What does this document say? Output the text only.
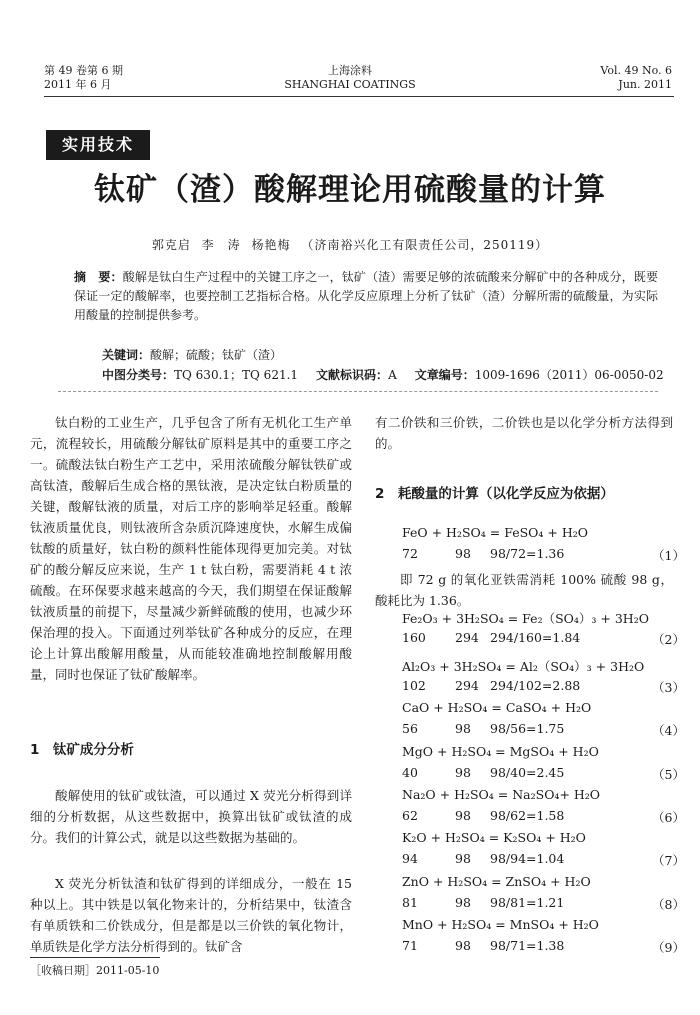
第 49 卷第 6 期
2011 年 6 月
上海涂料
SHANGHAI COATINGS
Vol. 49 No. 6
Jun. 2011
实用技术
钛矿（渣）酸解理论用硫酸量的计算
郭克启 李　涛 杨艳梅 （济南裕兴化工有限责任公司，250119）
摘　要：酸解是钛白生产过程中的关键工序之一，钛矿（渣）需要足够的浓硫酸来分解矿中的各种成分，既要保证一定的酸解率，也要控制工艺指标合格。从化学反应原理上分析了钛矿（渣）分解所需的硫酸量，为实际用酸量的控制提供参考。
关键词：酸解；硫酸；钛矿（渣）
中图分类号：TQ 630.1；TQ 621.1 文献标识码：A 文章编号：1009-1696（2011）06-0050-02

钛白粉的工业生产，几乎包含了所有无机化工生产单元，流程较长，用硫酸分解钛矿原料是其中的重要工序之一。硫酸法钛白粉生产工艺中，采用浓硫酸分解钛铁矿或高钛渣，酸解后生成合格的黑钛液，是决定钛白粉质量的关键，酸解钛液的质量，对后工序的影响举足轻重。酸解钛液质量优良，则钛液所含杂质沉降速度快，水解生成偏钛酸的质量好，钛白粉的颜料性能体现得更加完美。对钛矿的酸分解反应来说，生产 1 t 钛白粉，需要消耗 4 t 浓硫酸。在环保要求越来越高的今天，我们期望在保证酸解钛液质量的前提下，尽量减少新鲜硫酸的使用，也减少环保治理的投入。下面通过列举钛矿各种成分的反应，在理论上计算出酸解用酸量，从而能较准确地控制酸解用酸量，同时也保证了钛矿酸解率。

1　钛矿成分分析

酸解使用的钛矿或钛渣，可以通过 X 荧光分析得到详细的分析数据，从这些数据中，换算出钛矿或钛渣的成分。我们的计算公式，就是以这些数据为基础的。

X 荧光分析钛渣和钛矿得到的详细成分，一般在 15 种以上。其中铁是以氧化物来计的，分析结果中，钛渣含有单质铁和二价铁成分，但是都是以三价铁的氧化物计，单质铁是化学方法分析得到的。钛矿含

有二价铁和三价铁，二价铁也是以化学分析方法得到的。

2　耗酸量的计算（以化学反应为依据）

FeO + H₂SO₄ = FeSO₄ + H₂O
72	98 98/72=1.36	（1）
Fe₂O₃ + 3H₂SO₄ = Fe₂（SO₄）₃ + 3H₂O
160 294 294/160=1.84	（2）
Al₂O₃ + 3H₂SO₄ = Al₂（SO₄）₃ + 3H₂O
102 294 294/102=2.88	（3）
CaO + H₂SO₄ = CaSO₄ + H₂O
56	98 98/56=1.75	（4）
MgO + H₂SO₄ = MgSO₄ + H₂O
40	98 98/40=2.45	（5）
Na₂O + H₂SO₄ = Na₂SO₄+ H₂O
62	98 98/62=1.58	（6）
K₂O + H₂SO₄ = K₂SO₄ + H₂O
94	98 98/94=1.04	（7）
ZnO + H₂SO₄ = ZnSO₄ + H₂O
81	98 98/81=1.21	（8）
MnO + H₂SO₄ = MnSO₄ + H₂O
71	98 98/71=1.38	（9）

即 72 g 的氧化亚铁需消耗 100% 硫酸 98 g，酸耗比为 1.36。

［收稿日期］2011-05-10
